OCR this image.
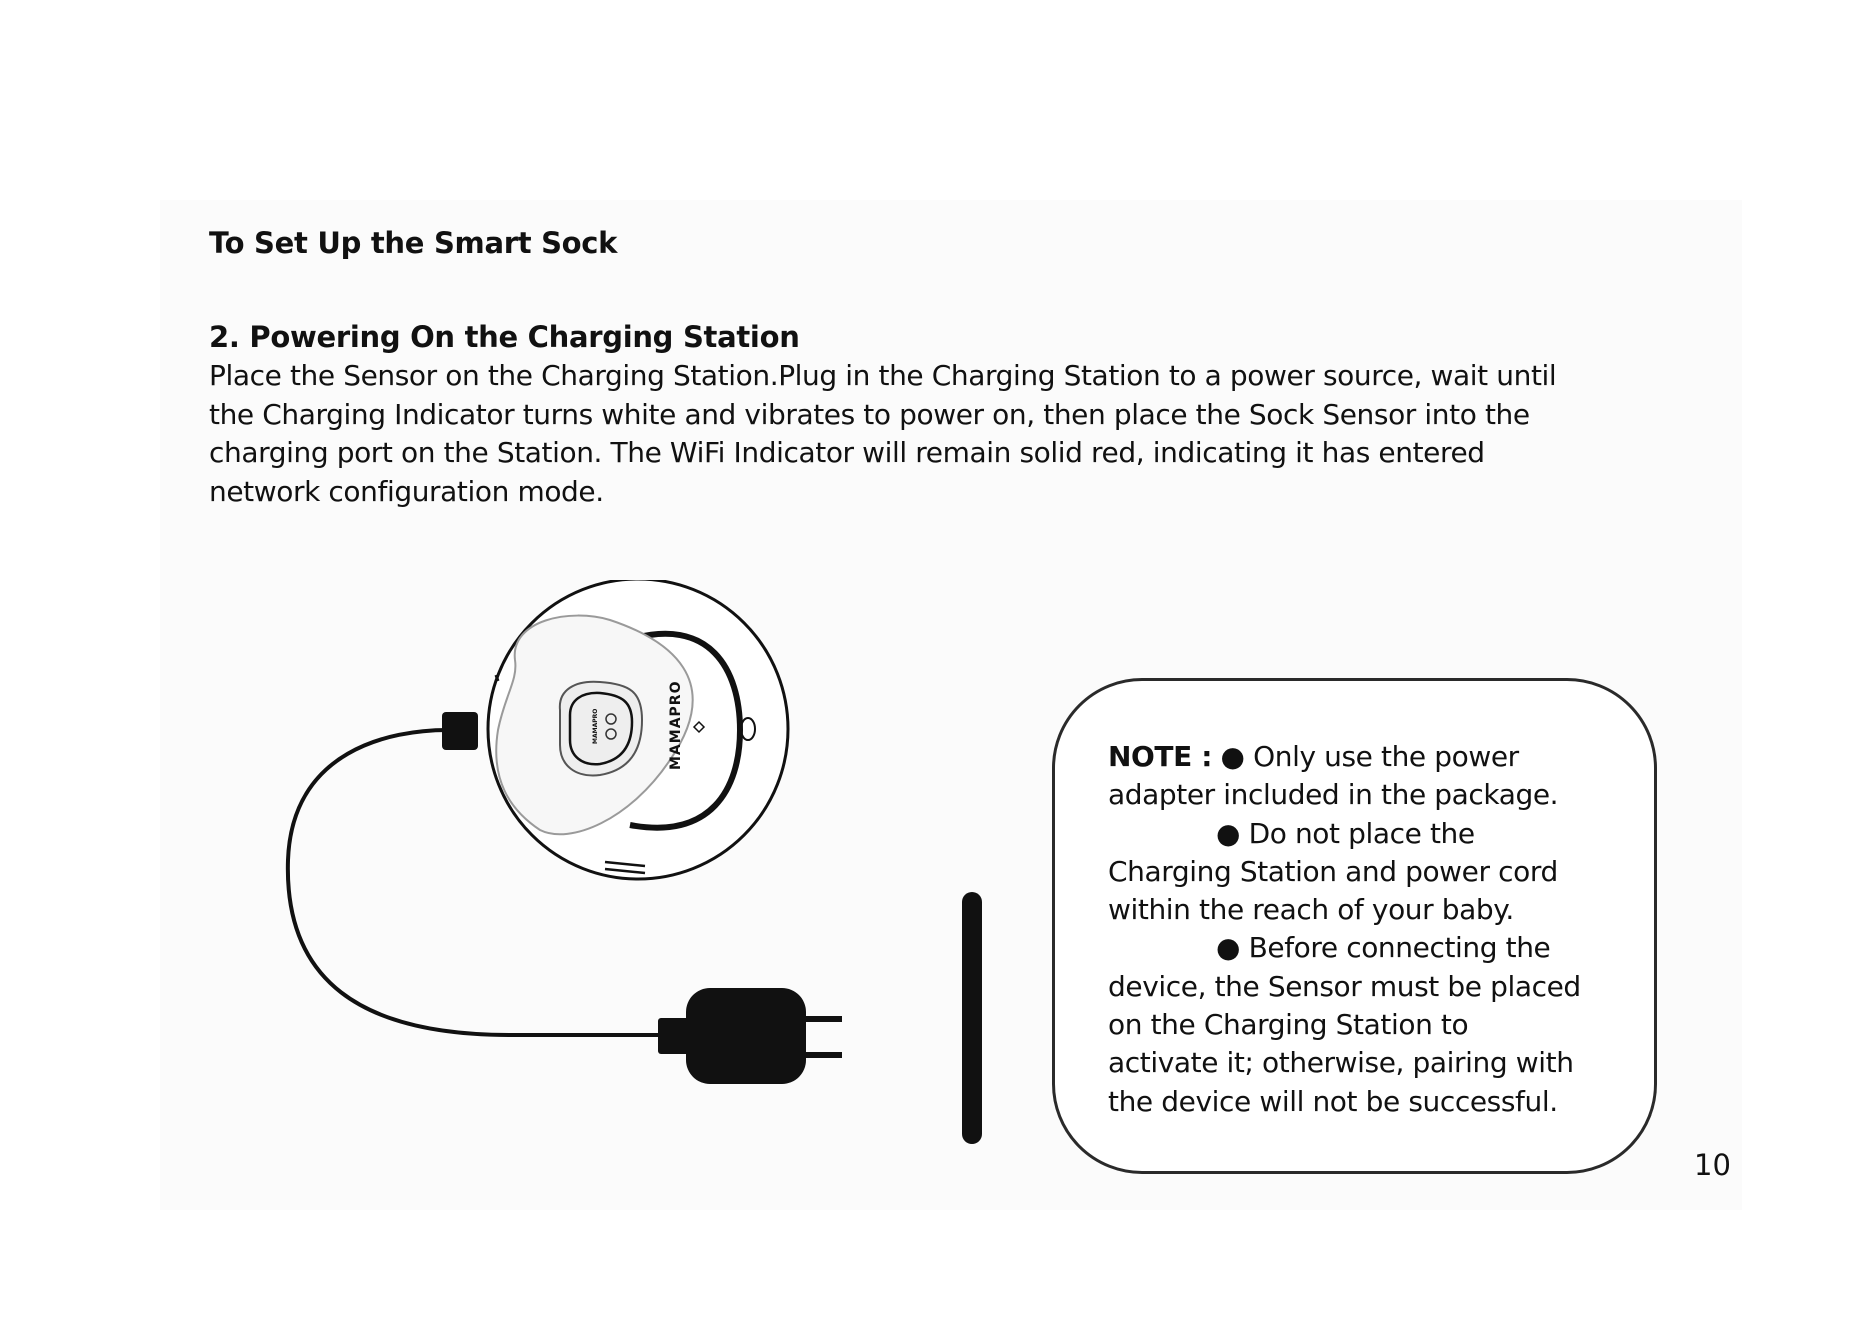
To Set Up the Smart Sock
2. Powering On the Charging Station

Place the Sensor on the Charging Station.Plug in the Charging Station to a power source, wait until
the Charging Indicator turns white and vibrates to power on, then place the Sock Sensor into the
charging port on the Station. The WiFi Indicator will remain solid red, indicating it has entered
network configuration mode.

MAMAPRO	MAMAPRO	NOTE : ● Only use the power
adapter included in the package.
● Do not place the
Charging Station and power cord
within the reach of your baby.
● Before connecting the
device, the Sensor must be placed
on the Charging Station to
activate it; otherwise, pairing with
the device will not be successful.

10
